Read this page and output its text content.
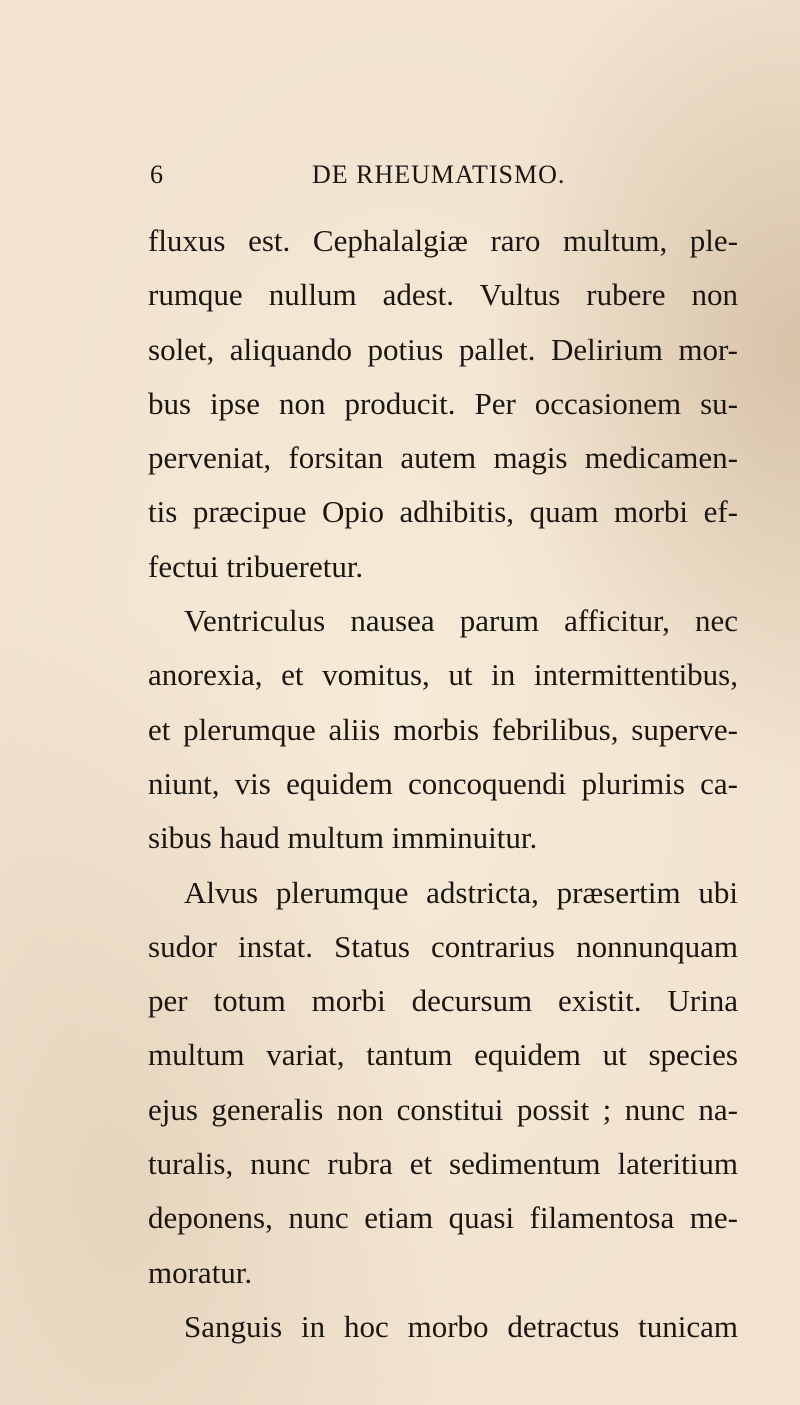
6	DE RHEUMATISMO.
fluxus est. Cephalalgiæ raro multum, ple-
rumque nullum adest. Vultus rubere non
solet, aliquando potius pallet. Delirium mor-
bus ipse non producit. Per occasionem su-
perveniat, forsitan autem magis medicamen-
tis præcipue Opio adhibitis, quam morbi ef-
fectui tribueretur.
Ventriculus nausea parum afficitur, nec
anorexia, et vomitus, ut in intermittentibus,
et plerumque aliis morbis febrilibus, superve-
niunt, vis equidem concoquendi plurimis ca-
sibus haud multum imminuitur.
Alvus plerumque adstricta, præsertim ubi
sudor instat. Status contrarius nonnunquam
per totum morbi decursum existit. Urina
multum variat, tantum equidem ut species
ejus generalis non constitui possit ; nunc na-
turalis, nunc rubra et sedimentum lateritium
deponens, nunc etiam quasi filamentosa me-
moratur.
Sanguis in hoc morbo detractus tunicam
